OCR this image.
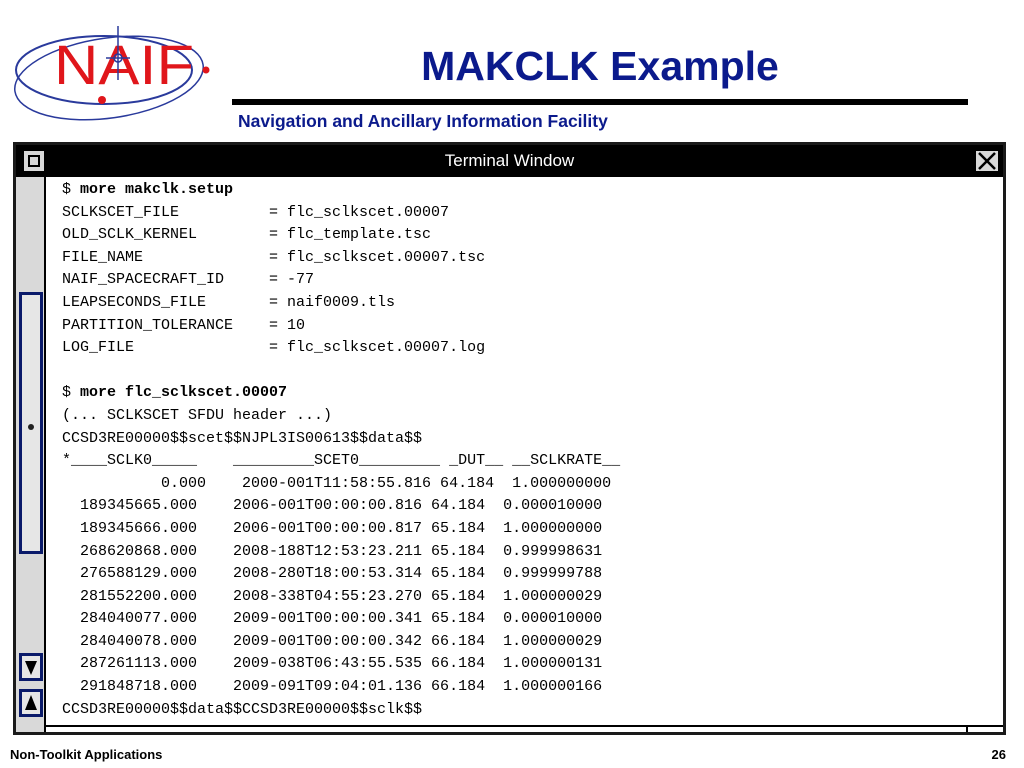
NAIF	MAKCLK Example
Navigation and Ancillary Information Facility
Terminal Window
$ more makclk.setup
SCLKSCET_FILE          = flc_sclkscet.00007
OLD_SCLK_KERNEL        = flc_template.tsc
FILE_NAME              = flc_sclkscet.00007.tsc
NAIF_SPACECRAFT_ID     = -77
LEAPSECONDS_FILE       = naif0009.tls
PARTITION_TOLERANCE    = 10
LOG_FILE               = flc_sclkscet.00007.log
$ more flc_sclkscet.00007
(... SCLKSCET SFDU header ...)
CCSD3RE00000$$scet$$NJPL3IS00613$$data$$
*____SCLK0_____    _________SCET0_________ _DUT__ __SCLKRATE__
0.000    2000-001T11:58:55.816 64.184  1.000000000
189345665.000    2006-001T00:00:00.816 64.184  0.000010000
189345666.000    2006-001T00:00:00.817 65.184  1.000000000
268620868.000    2008-188T12:53:23.211 65.184  0.999998631
276588129.000    2008-280T18:00:53.314 65.184  0.999999788
281552200.000    2008-338T04:55:23.270 65.184  1.000000029
284040077.000    2009-001T00:00:00.341 65.184  0.000010000
284040078.000    2009-001T00:00:00.342 66.184  1.000000029
287261113.000    2009-038T06:43:55.535 66.184  1.000000131
291848718.000    2009-091T09:04:01.136 66.184  1.000000166
CCSD3RE00000$$data$$CCSD3RE00000$$sclk$$
Non-Toolkit Applications	26
